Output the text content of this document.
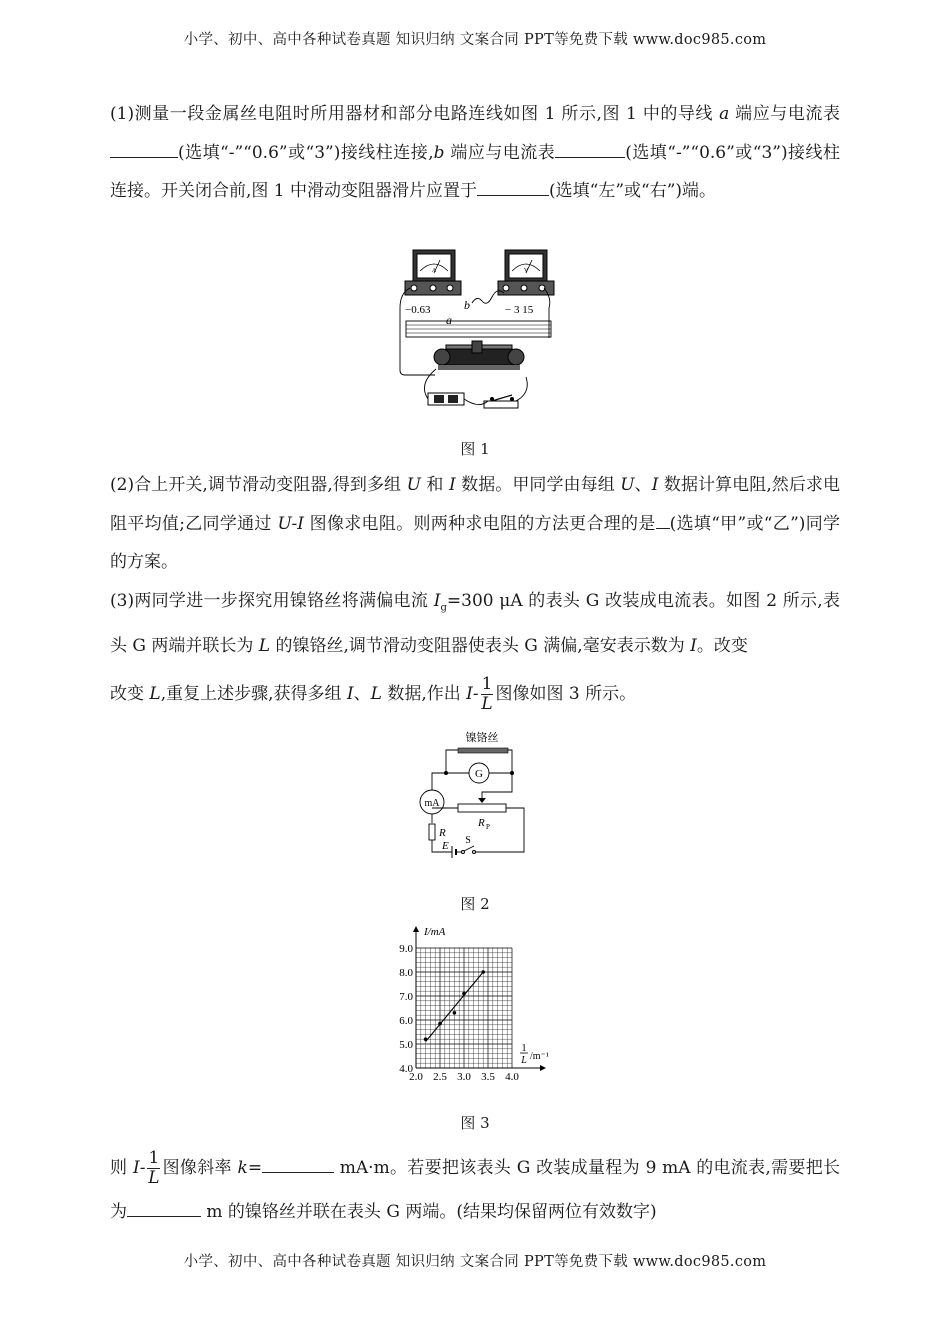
小学、初中、高中各种试卷真题 知识归纳 文案合同 PPT等免费下载 www.doc985.com
(1)测量一段金属丝电阻时所用器材和部分电路连线如图 1 所示,图 1 中的导线 a 端应与电流表(选填“-”“0.6”或“3”)接线柱连接,b 端应与电流表	(选填“-”“0.6”或“3”)接线柱连接。开关闭合前,图 1 中滑动变阻器滑片应置于	(选填“左”或“右”)端。
A	V
−0.63	− 3 15
b
a
图 1
(2)合上开关,调节滑动变阻器,得到多组 U 和 I 数据。甲同学由每组 U、I 数据计算电阻,然后求电阻平均值;乙同学通过 U-I 图像求电阻。则两种求电阻的方法更合理的是 (选填“甲”或“乙”)同学的方案。
(3)两同学进一步探究用镍铬丝将满偏电流 $I_g=300$ μA 的表头 G 改装成电流表。如图 2 所示,表头 G 两端并联长为 L 的镍铬丝,调节滑动变阻器使表头 G 满偏,毫安表示数为 I。改变
改变 L,重复上述步骤,获得多组 I、L 数据,作出 $I- \frac{1}{L}$ 图像如图 3 所示。
镍铬丝
G
mA
R P
R
E S
图 2
2.0 2.5 3.0 3.5 4.0
4.0
5.0
6.0
7.0
8.0
9.0
I/mA
1
L /m⁻¹
图 3
则 $I- \frac{1}{L}$ 图像斜率 k=	mA·m。若要把该表头 G 改装成量程为 9 mA 的电流表,需要把长为	m 的镍铬丝并联在表头 G 两端。(结果均保留两位有效数字)
小学、初中、高中各种试卷真题 知识归纳 文案合同 PPT等免费下载 www.doc985.com
